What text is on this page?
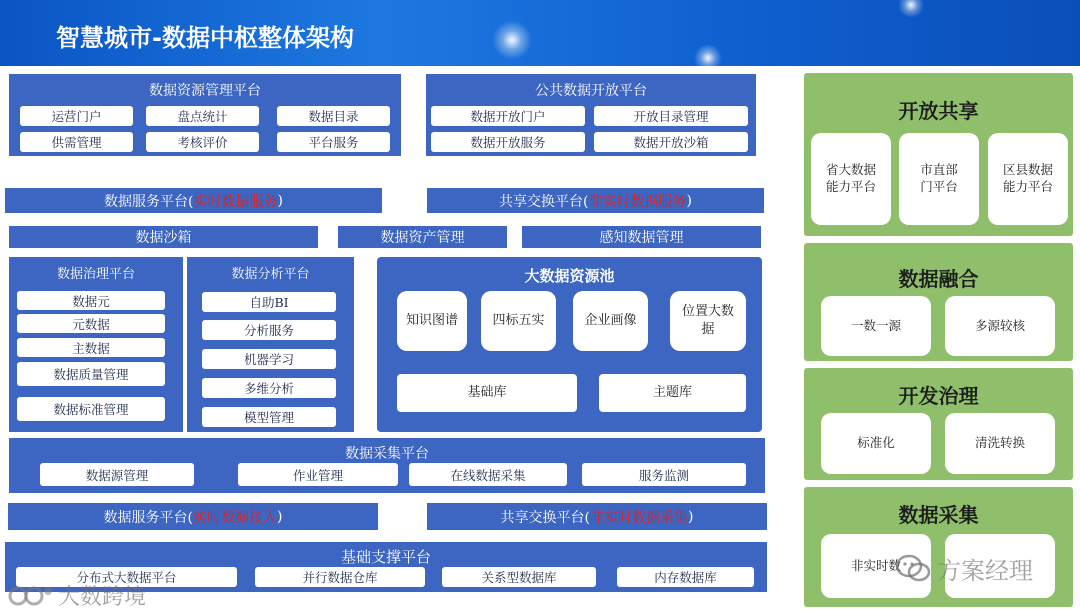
智慧城市-数据中枢整体架构
数据资源管理平台
运营门户	盘点统计	数据目录
供需管理	考核评价	平台服务
公共数据开放平台
数据开放门户	开放目录管理
数据开放服务	数据开放沙箱
数据服务平台( 实时数据服务 )	共享交换平台( 非实时数据服务 )
数据沙箱	数据资产管理	感知数据管理
数据治理平台
数据元
元数据
主数据
数据质量管理
数据标准管理
数据分析平台
自助BI
分析服务
机器学习
多维分析
模型管理
大数据资源池
知识图谱	四标五实	企业画像
位置大数据
基础库	主题库
数据采集平台
数据源管理	作业管理	在线数据采集	服务监测
数据服务平台( 实时数据接入 )	共享交换平台( 非实时数据采集 )
基础支撑平台
分布式大数据平台	并行数据仓库	关系型数据库	内存数据库
开放共享
省大数据能力平台
市直部门平台
区县数据能力平台
数据融合
一数一源	多源较核
开发治理
标准化	清洗转换
数据采集
非实时数
大数跨境
方案经理
